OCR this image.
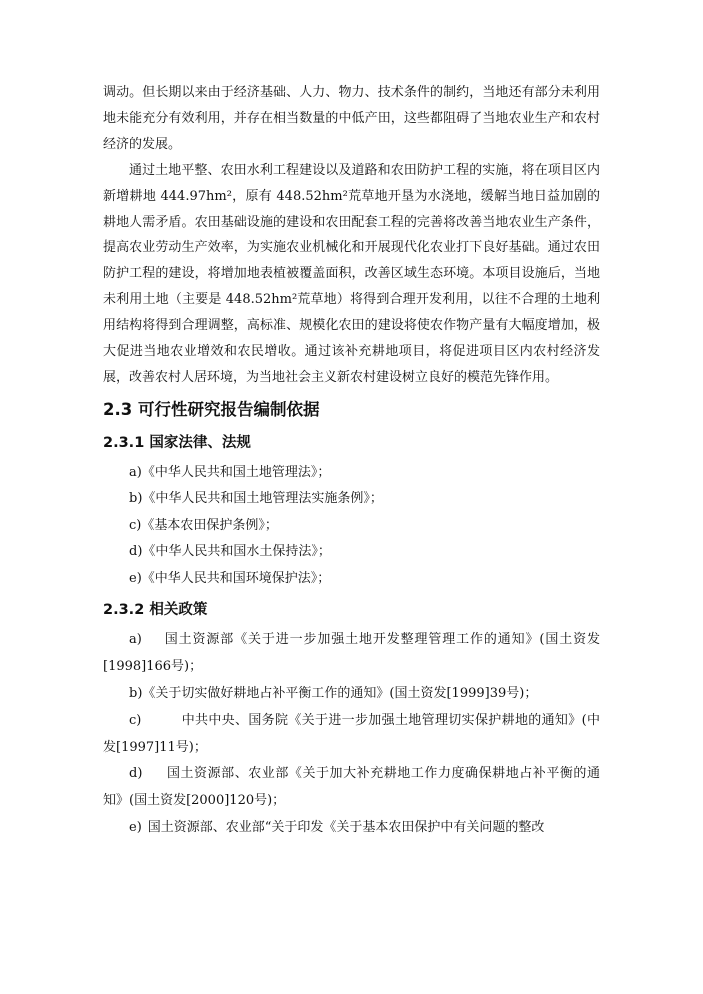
调动。但长期以来由于经济基础、人力、物力、技术条件的制约，当地还有部分未利用地未能充分有效利用，并存在相当数量的中低产田，这些都阻碍了当地农业生产和农村经济的发展。

通过土地平整、农田水利工程建设以及道路和农田防护工程的实施，将在项目区内新增耕地 444.97hm²，原有 448.52hm²荒草地开垦为水浇地，缓解当地日益加剧的耕地人需矛盾。农田基础设施的建设和农田配套工程的完善将改善当地农业生产条件，提高农业劳动生产效率，为实施农业机械化和开展现代化农业打下良好基础。通过农田防护工程的建设，将增加地表植被覆盖面积，改善区域生态环境。本项目设施后，当地未利用土地（主要是 448.52hm²荒草地）将得到合理开发利用，以往不合理的土地利用结构将得到合理调整，高标准、规模化农田的建设将使农作物产量有大幅度增加，极大促进当地农业增效和农民增收。通过该补充耕地项目，将促进项目区内农村经济发展，改善农村人居环境，为当地社会主义新农村建设树立良好的模范先锋作用。

2.3 可行性研究报告编制依据
2.3.1 国家法律、法规
a)《中华人民共和国土地管理法》；
b)《中华人民共和国土地管理法实施条例》；
c)《基本农田保护条例》；
d)《中华人民共和国水土保持法》；
e)《中华人民共和国环境保护法》；
2.3.2 相关政策

a) 国土资源部《关于进一步加强土地开发整理管理工作的通知》(国土资发[1998]166号)；

b)《关于切实做好耕地占补平衡工作的通知》(国土资发[1999]39号)；

c)	中共中央、国务院《关于进一步加强土地管理切实保护耕地的通知》(中发[1997]11号)；

d) 国土资源部、农业部《关于加大补充耕地工作力度确保耕地占补平衡的通知》(国土资发[2000]120号)；

e) 国土资源部、农业部“关于印发《关于基本农田保护中有关问题的整改
